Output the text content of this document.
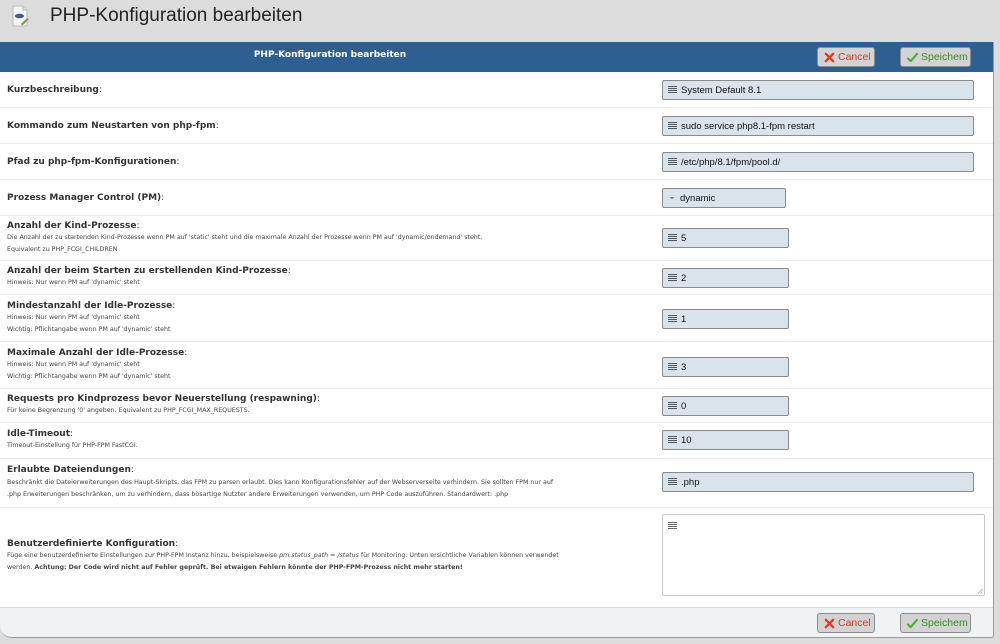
PHP-Konfiguration bearbeiten
PHP-Konfiguration bearbeiten	Cancel	Speichem
Kurzbeschreibung:	System Default 8.1
Kommando zum Neustarten von php-fpm:	sudo service php8.1-fpm restart
Pfad zu php-fpm-Konfigurationen:	/etc/php/8.1/fpm/pool.d/
Prozess Manager Control (PM):	dynamic
Anzahl der Kind-Prozesse:
Die Anzahl der zu startenden Kind-Prozesse wenn PM auf 'static' steht und die maximale Anzahl der Prozesse wenn PM auf 'dynamic/ondemand' steht.
Equivalent zu PHP_FCGI_CHILDREN
5
Anzahl der beim Starten zu erstellenden Kind-Prozesse:
Hinweis: Nur wenn PM auf 'dynamic' steht	2
Mindestanzahl der Idle-Prozesse:
Hinweis: Nur wenn PM auf 'dynamic' steht
Wichtig: Pflichtangabe wenn PM auf 'dynamic' steht
1
Maximale Anzahl der Idle-Prozesse:
Hinweis: Nur wenn PM auf 'dynamic' steht
Wichtig: Pflichtangabe wenn PM auf 'dynamic' steht
3
Requests pro Kindprozess bevor Neuerstellung (respawning):
Für keine Begrenzung '0' angeben. Equivalent zu PHP_FCGI_MAX_REQUESTS.	0
Idle-Timeout:
Timeout-Einstellung für PHP-FPM FastCGI.	10
Erlaubte Dateiendungen:
Beschränkt die Dateierweiterungen des Haupt-Skripts, das FPM zu parsen erlaubt. Dies kann Konfigurationsfehler auf der Webserverseite verhindern. Sie sollten FPM nur auf
.php Erweiterungen beschränken, um zu verhindern, dass bösartige Nutzter andere Erweiterungen verwenden, um PHP Code auszuführen. Standardwert: .php
.php
Benutzerdefinierte Konfiguration:
Füge eine benutzerdefinierte Einstellungen zur PHP-FPM Instanz hinzu, beispielsweise pm.status_path = /status für Monitoring. Unten ersichtliche Variablen können verwendet
werden. Achtung: Der Code wird nicht auf Fehler geprüft. Bei etwaigen Fehlern könnte der PHP-FPM-Prozess nicht mehr starten!
Cancel	Speichem
